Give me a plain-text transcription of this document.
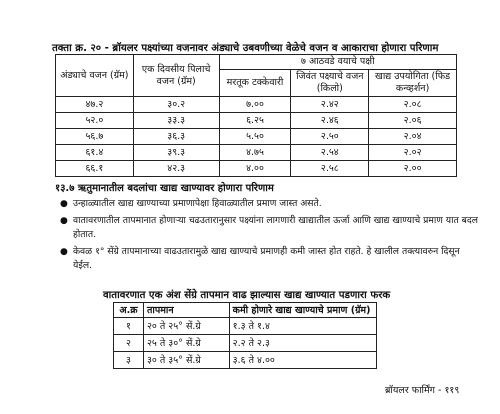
तक्ता क्र. २० - ब्रॉयलर पक्ष्यांच्या वजनावर अंड्याचे उबवणीच्या वेळेचे वजन व आकाराचा होणारा परिणाम
अंड्याचे वजन (ग्रॅम)	एक दिवसीय पिलाचे वजन (ग्रॅम)	७ आठवडे वयाचे पक्षी		
		मरतूक टक्केवारी	जिवंत पक्ष्याचे वजन (किलो)	खाद्य उपयोगिता (फिड कन्व्हर्शन)
४७.२	३०.२	७.००	२.४२	२.०८
५२.०	३३.३	६.२५	२.४६	२.०६
५६.७	३६.३	५.५०	२.५०	२.०४
६१.४	३९.३	४.७५	२.५४	२.०२
६६.१	४२.३	४.००	२.५८	२.००
१३.७ ऋतुमानातील बदलांचा खाद्य खाण्यावर होणारा परिणाम
● उन्हाळ्यातील खाद्य खाण्याच्या प्रमाणापेक्षा हिवाळ्यातील प्रमाण जास्त असते.
● वातावरणातील तापमानात होणाऱ्या चढउतारानुसार पक्ष्यांना लागणारी खाद्यातील ऊर्जा आणि खाद्य खाण्याचे प्रमाण यात बदल होतात.
● केवळ १° सेंग्रे तापमानाच्या वाढउतारामुळे खाद्य खाण्याचे प्रमाणही कमी जास्त होत राहते. हे खालील तक्त्यावरुन दिसून येईल.
वातावरणात एक अंश सेंग्रे तापमान वाढ झाल्यास खाद्य खाण्यात पडणारा फरक
अ.क्र	तापमान	कमी होणारे खाद्य खाण्याचे प्रमाण (ग्रॅम)
१	२० ते २५° सें.ग्रे	१.३ ते १.४
२	२५ ते ३०° सें.ग्रे	२.२ ते २.३
३	३० ते ३५° सें.ग्रे	३.६ ते ४.००
ब्रॉयलर फार्मिंग - ११९
